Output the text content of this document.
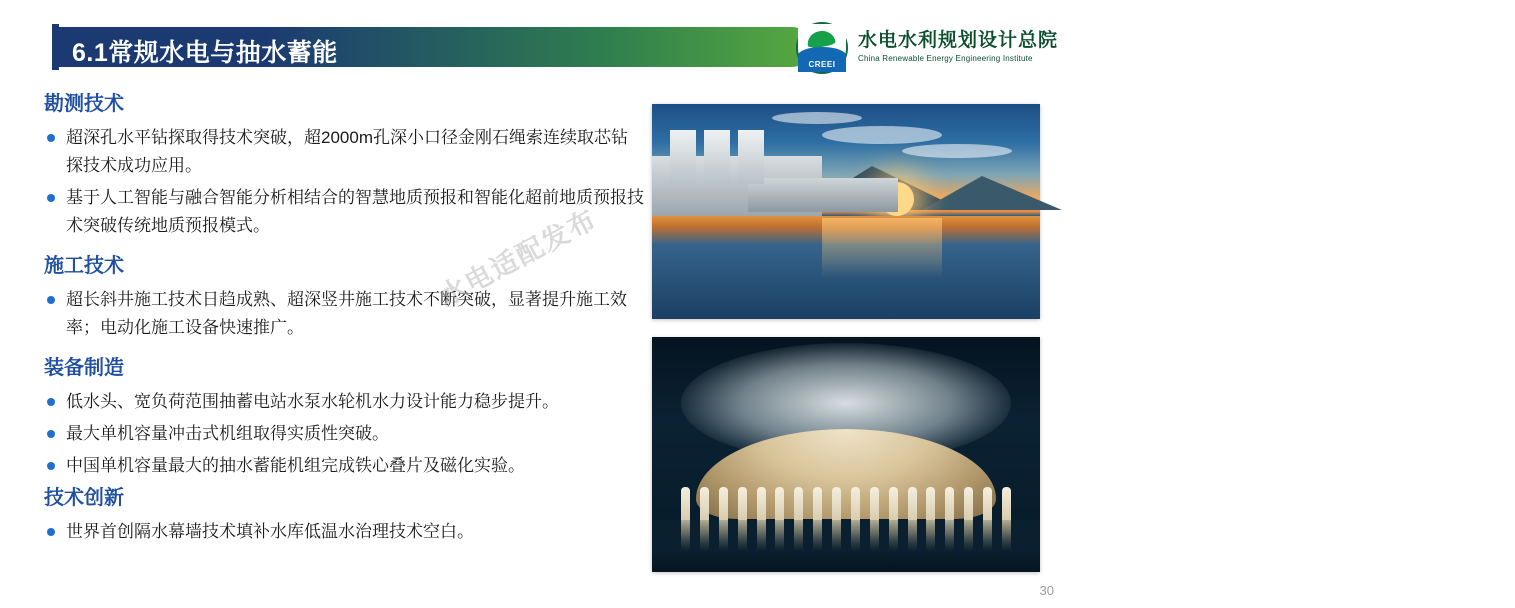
6.1常规水电与抽水蓄能	CREEI
水电水利规划设计总院
China Renewable Energy Engineering Institute
勘测技术
超深孔水平钻探取得技术突破，超2000m孔深小口径金刚石绳索连续取芯钻探技术成功应用。
基于人工智能与融合智能分析相结合的智慧地质预报和智能化超前地质预报技术突破传统地质预报模式。
施工技术
超长斜井施工技术日趋成熟、超深竖井施工技术不断突破，显著提升施工效率；电动化施工设备快速推广。
装备制造
低水头、宽负荷范围抽蓄电站水泵水轮机水力设计能力稳步提升。
最大单机容量冲击式机组取得实质性突破。
中国单机容量最大的抽水蓄能机组完成铁心叠片及磁化实验。
技术创新
世界首创隔水幕墙技术填补水库低温水治理技术空白。
水电适配发布
水电适配发布
30
